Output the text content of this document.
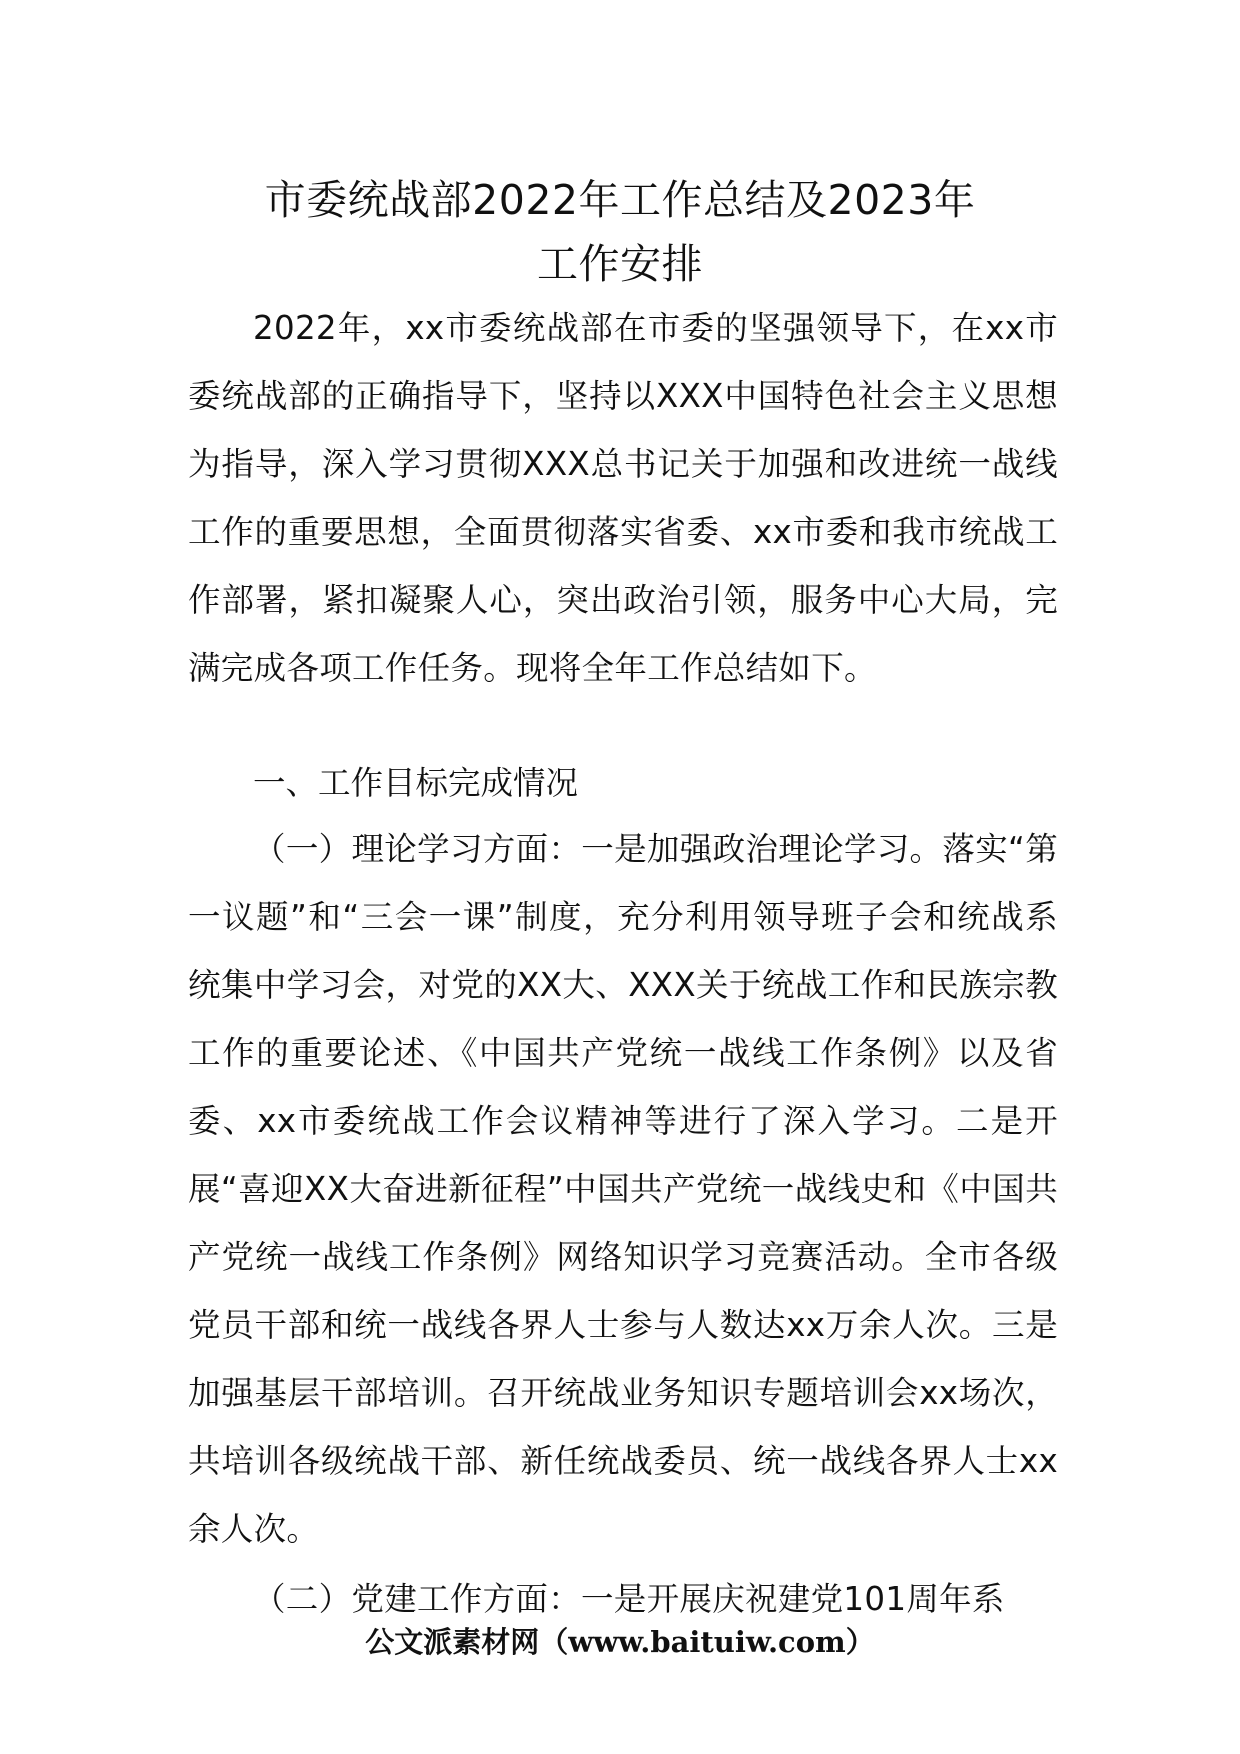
市委统战部2022年工作总结及2023年
工作安排

2022年，xx市委统战部在市委的坚强领导下，在xx市委统战部的正确指导下，坚持以XXX中国特色社会主义思想为指导，深入学习贯彻XXX总书记关于加强和改进统一战线工作的重要思想，全面贯彻落实省委、xx市委和我市统战工作部署，紧扣凝聚人心，突出政治引领，服务中心大局，完满完成各项工作任务。现将全年工作总结如下。

一、工作目标完成情况

（一）理论学习方面：一是加强政治理论学习。落实“第一议题”和“三会一课”制度，充分利用领导班子会和统战系统集中学习会，对党的XX大、XXX关于统战工作和民族宗教工作的重要论述、《中国共产党统一战线工作条例》以及省委、xx市委统战工作会议精神等进行了深入学习。二是开展“喜迎XX大奋进新征程”中国共产党统一战线史和《中国共产党统一战线工作条例》网络知识学习竞赛活动。全市各级党员干部和统一战线各界人士参与人数达xx万余人次。三是加强基层干部培训。召开统战业务知识专题培训会xx场次，共培训各级统战干部、新任统战委员、统一战线各界人士xx余人次。

（二）党建工作方面：一是开展庆祝建党101周年系

公文派素材网（www.baituiw.com）
